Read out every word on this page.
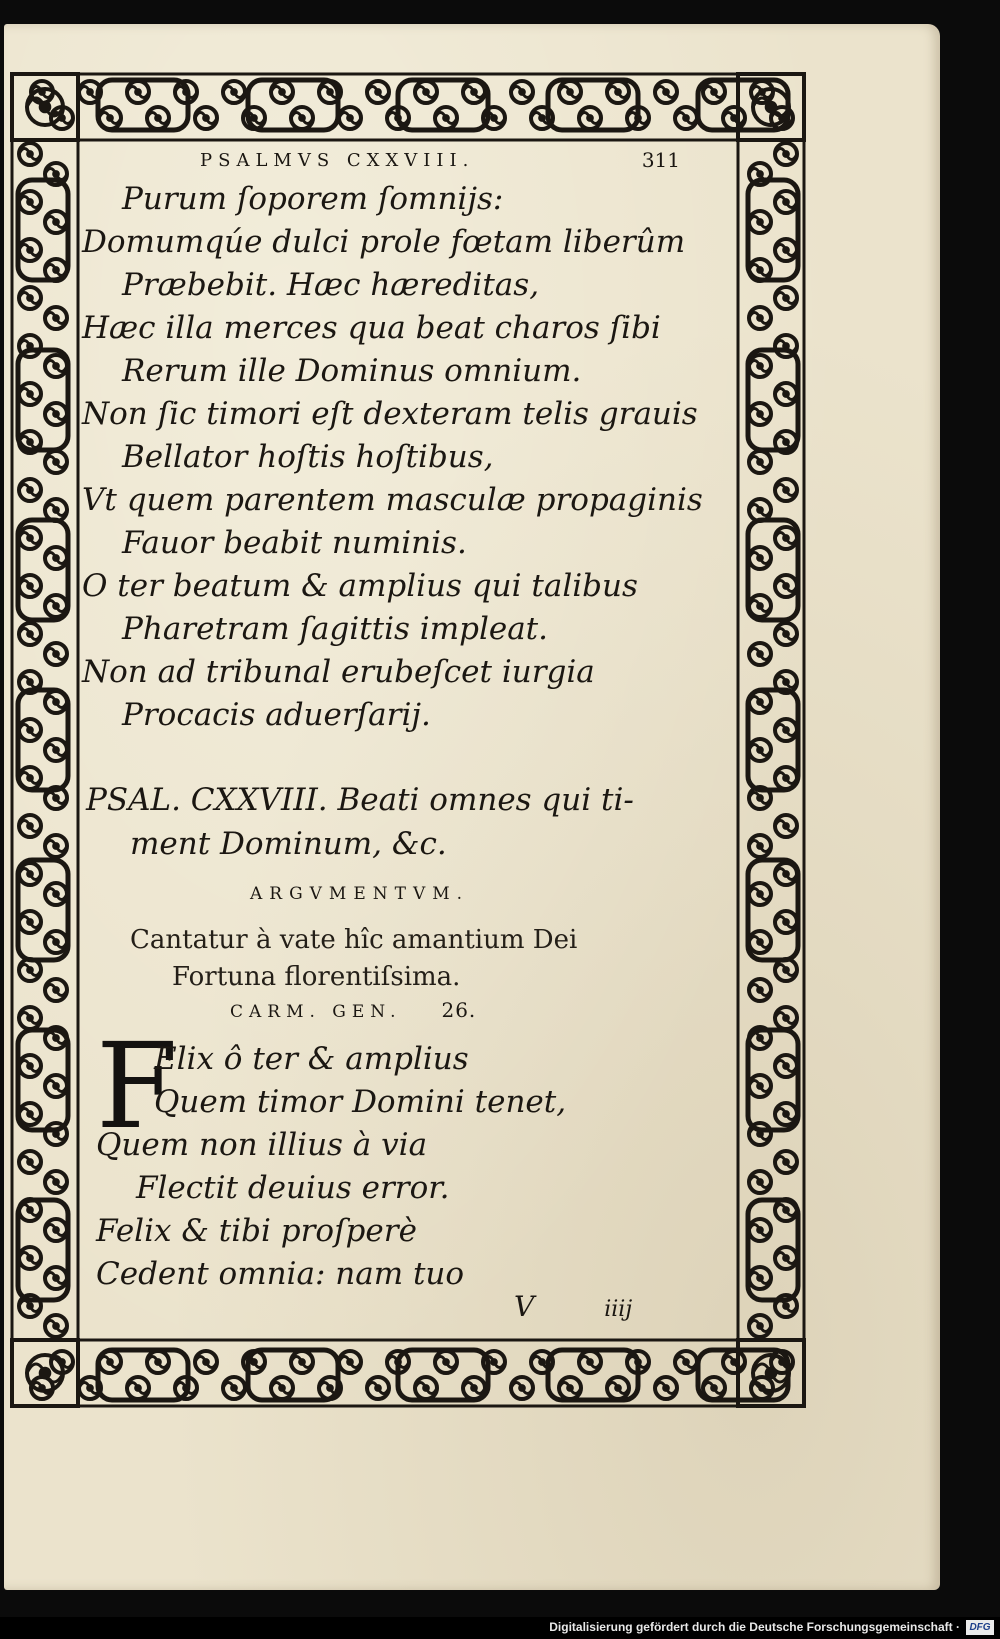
PSALMVS CXXVIII.	311
Purum ſoporem ſomnijs:
Domumqúe dulci prole fœtam liberûm
Præbebit. Hæc hæreditas,
Hæc illa merces qua beat charos ſibi
Rerum ille Dominus omnium.
Non ſic timori eſt dexteram telis grauis
Bellator hoſtis hoſtibus,
Vt quem parentem masculæ propaginis
Fauor beabit numinis.
O ter beatum & amplius qui talibus
Pharetram ſagittis impleat.
Non ad tribunal erubeſcet iurgia
Procacis aduerſarij.
PSAL. CXXVIII. Beati omnes qui ti-
ment Dominum, &c.
ARGVMENTVM.
Cantatur à vate hîc amantium Dei
Fortuna florentiſsima.
CARM. GEN. 26.
F
Elix ô ter & amplius
Quem timor Domini tenet,
Quem non illius à via
Flectit deuius error.
Felix & tibi proſperè
Cedent omnia: nam tuo
V	iiij
Digitalisierung gefördert durch die Deutsche Forschungsgemeinschaft · DFG
